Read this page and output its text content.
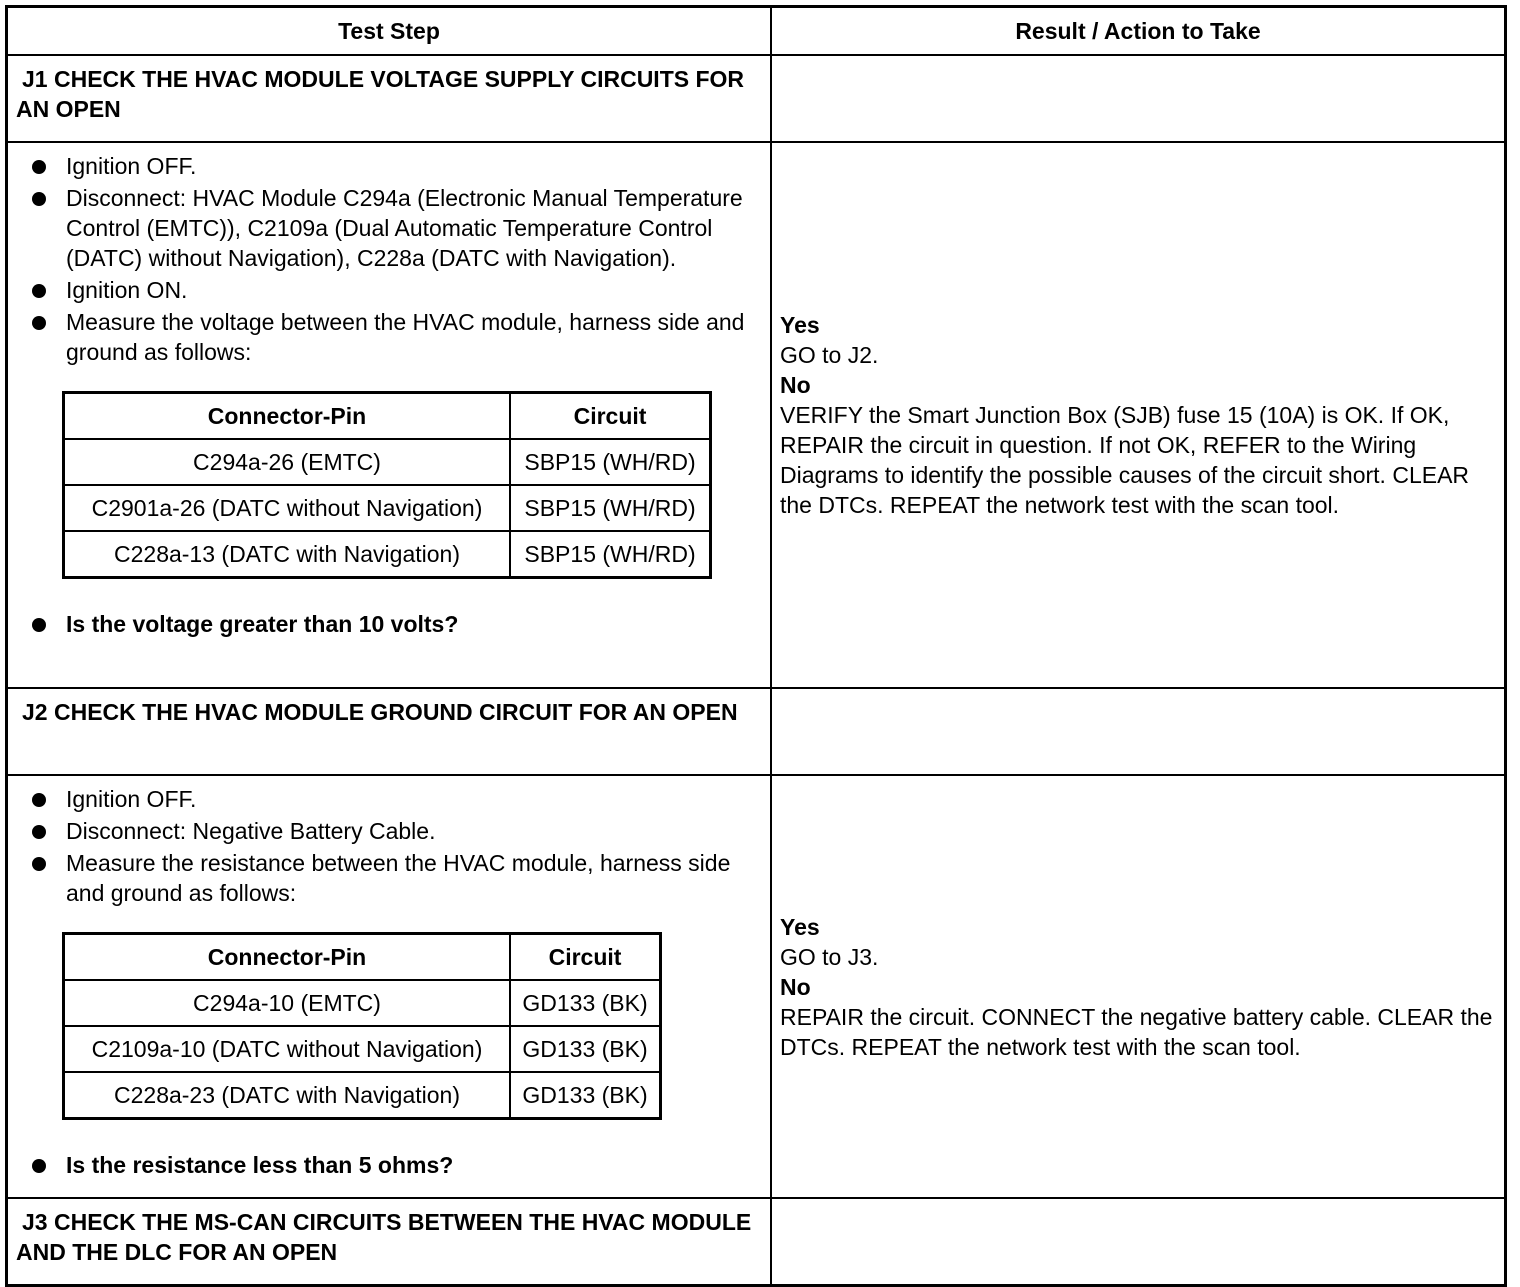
Test Step	Result / Action to Take

J1 CHECK THE HVAC MODULE VOLTAGE SUPPLY CIRCUITS FOR AN OPEN

Ignition OFF.
Disconnect: HVAC Module C294a (Electronic Manual Temperature Control (EMTC)), C2109a (Dual Automatic Temperature Control (DATC) without Navigation), C228a (DATC with Navigation).
Ignition ON.
Measure the voltage between the HVAC module, harness side and ground as follows:
Connector-Pin	Circuit
C294a-26 (EMTC)	SBP15 (WH/RD)
C2901a-26 (DATC without Navigation)	SBP15 (WH/RD)
C228a-13 (DATC with Navigation)	SBP15 (WH/RD)
Is the voltage greater than 10 volts?

Yes
GO to J2.
No
VERIFY the Smart Junction Box (SJB) fuse 15 (10A) is OK. If OK, REPAIR the circuit in question. If not OK, REFER to the Wiring Diagrams to identify the possible causes of the circuit short. CLEAR the DTCs. REPEAT the network test with the scan tool.

J2 CHECK THE HVAC MODULE GROUND CIRCUIT FOR AN OPEN

Ignition OFF.
Disconnect: Negative Battery Cable.
Measure the resistance between the HVAC module, harness side and ground as follows:
Connector-Pin	Circuit
C294a-10 (EMTC)	GD133 (BK)
C2109a-10 (DATC without Navigation)	GD133 (BK)
C228a-23 (DATC with Navigation)	GD133 (BK)
Is the resistance less than 5 ohms?

Yes
GO to J3.
No
REPAIR the circuit. CONNECT the negative battery cable. CLEAR the DTCs. REPEAT the network test with the scan tool.

J3 CHECK THE MS-CAN CIRCUITS BETWEEN THE HVAC MODULE AND THE DLC FOR AN OPEN
